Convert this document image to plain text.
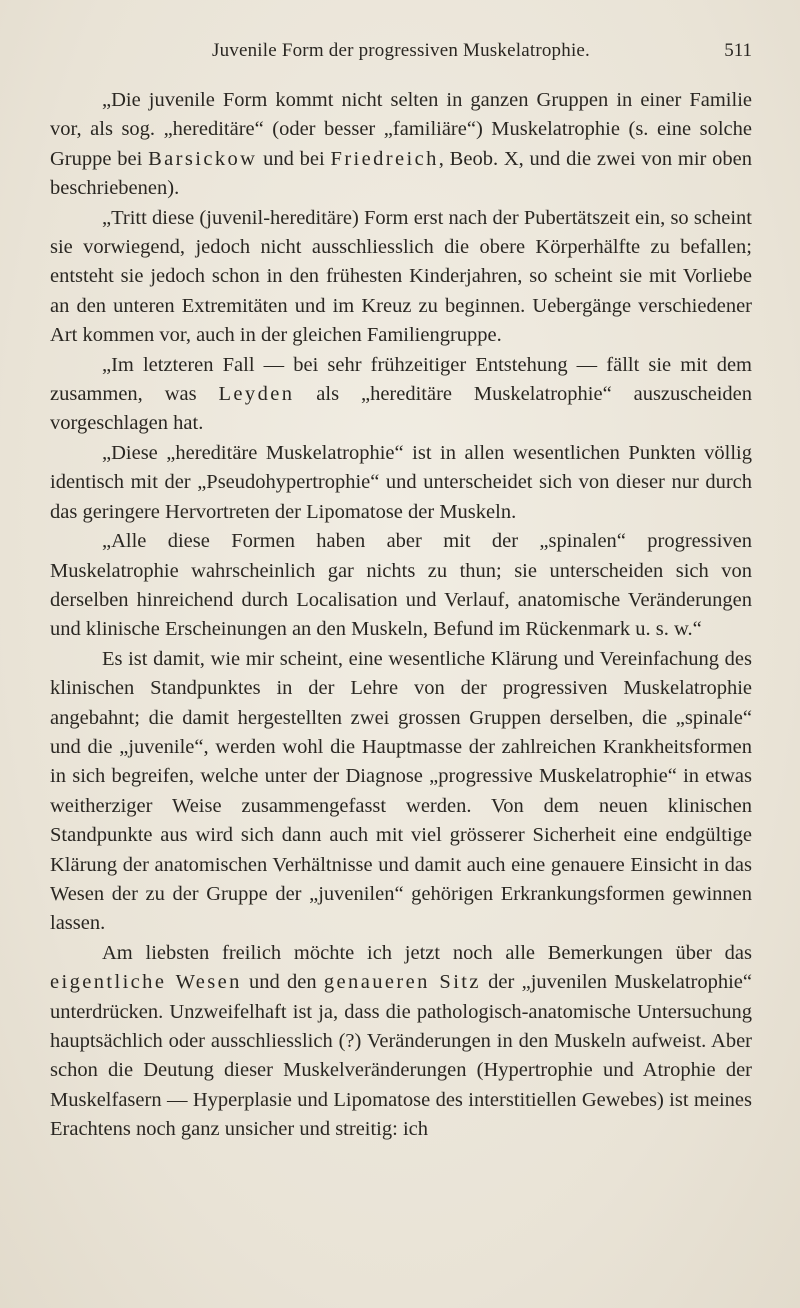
Juvenile Form der progressiven Muskelatrophie.	511

„Die juvenile Form kommt nicht selten in ganzen Gruppen in einer Familie vor, als sog. „hereditäre“ (oder besser „familiäre“) Muskelatrophie (s. eine solche Gruppe bei Barsickow und bei Friedreich, Beob. X, und die zwei von mir oben beschriebenen).

„Tritt diese (juvenil-hereditäre) Form erst nach der Pubertätszeit ein, so scheint sie vorwiegend, jedoch nicht ausschliesslich die obere Körperhälfte zu befallen; entsteht sie jedoch schon in den frühesten Kinderjahren, so scheint sie mit Vorliebe an den unteren Extremitäten und im Kreuz zu beginnen. Uebergänge verschiedener Art kommen vor, auch in der gleichen Familiengruppe.

„Im letzteren Fall — bei sehr frühzeitiger Entstehung — fällt sie mit dem zusammen, was Leyden als „hereditäre Muskelatrophie“ auszuscheiden vorgeschlagen hat.

„Diese „hereditäre Muskelatrophie“ ist in allen wesentlichen Punkten völlig identisch mit der „Pseudohypertrophie“ und unterscheidet sich von dieser nur durch das geringere Hervortreten der Lipomatose der Muskeln.

„Alle diese Formen haben aber mit der „spinalen“ progressiven Muskelatrophie wahrscheinlich gar nichts zu thun; sie unterscheiden sich von derselben hinreichend durch Localisation und Verlauf, anatomische Veränderungen und klinische Erscheinungen an den Muskeln, Befund im Rückenmark u. s. w.“

Es ist damit, wie mir scheint, eine wesentliche Klärung und Vereinfachung des klinischen Standpunktes in der Lehre von der progressiven Muskelatrophie angebahnt; die damit hergestellten zwei grossen Gruppen derselben, die „spinale“ und die „juvenile“, werden wohl die Hauptmasse der zahlreichen Krankheitsformen in sich begreifen, welche unter der Diagnose „progressive Muskelatrophie“ in etwas weitherziger Weise zusammengefasst werden. Von dem neuen klinischen Standpunkte aus wird sich dann auch mit viel grösserer Sicherheit eine endgültige Klärung der anatomischen Verhältnisse und damit auch eine genauere Einsicht in das Wesen der zu der Gruppe der „juvenilen“ gehörigen Erkrankungsformen gewinnen lassen.

Am liebsten freilich möchte ich jetzt noch alle Bemerkungen über das eigentliche Wesen und den genaueren Sitz der „juvenilen Muskelatrophie“ unterdrücken. Unzweifelhaft ist ja, dass die pathologisch-anatomische Untersuchung hauptsächlich oder ausschliesslich (?) Veränderungen in den Muskeln aufweist. Aber schon die Deutung dieser Muskelveränderungen (Hypertrophie und Atrophie der Muskelfasern — Hyperplasie und Lipomatose des interstitiellen Gewebes) ist meines Erachtens noch ganz unsicher und streitig: ich
